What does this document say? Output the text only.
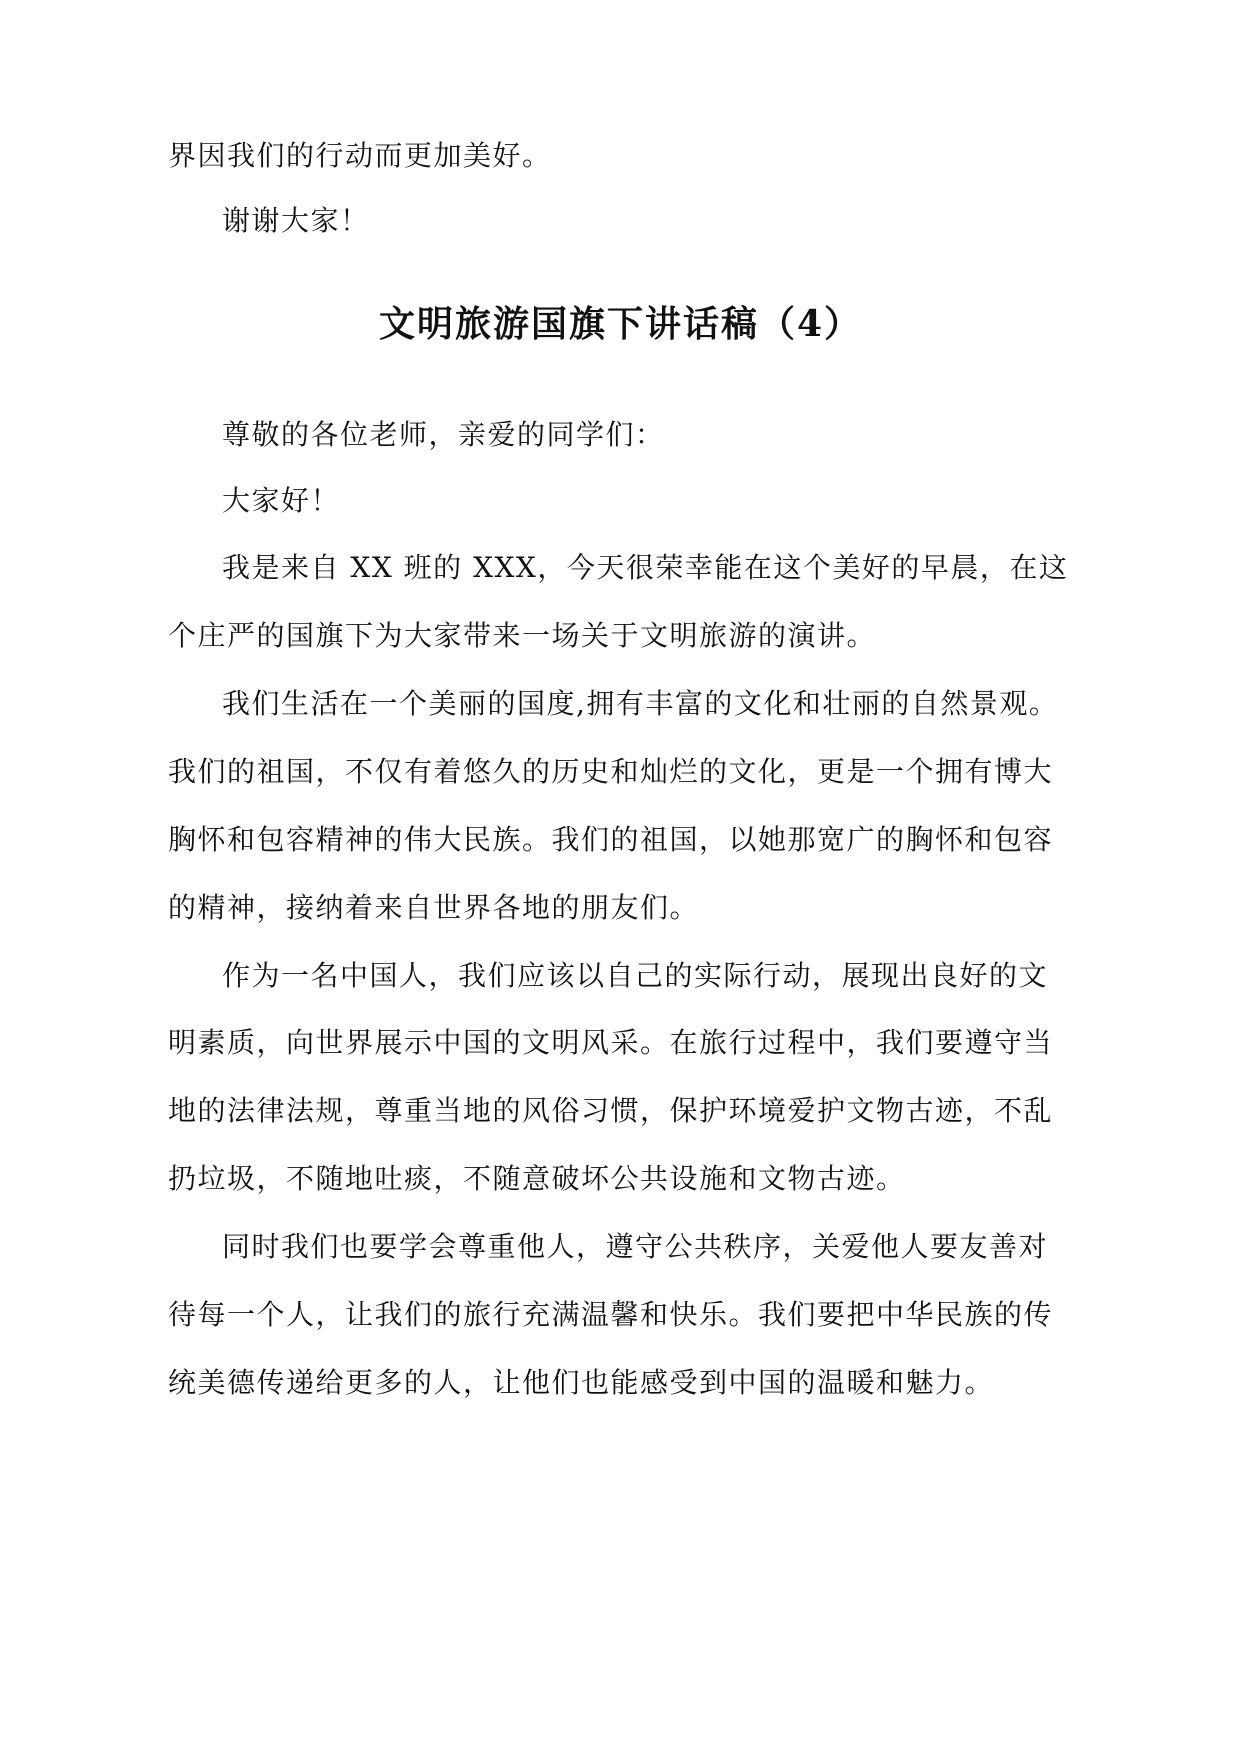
界因我们的行动而更加美好。

谢谢大家！

文明旅游国旗下讲话稿（4）

尊敬的各位老师，亲爱的同学们：

大家好！

我是来自 XX 班的 XXX，今天很荣幸能在这个美好的早晨，在这

个庄严的国旗下为大家带来一场关于文明旅游的演讲。

我们生活在一个美丽的国度,拥有丰富的文化和壮丽的自然景观。

我们的祖国，不仅有着悠久的历史和灿烂的文化，更是一个拥有博大

胸怀和包容精神的伟大民族。我们的祖国，以她那宽广的胸怀和包容

的精神，接纳着来自世界各地的朋友们。

作为一名中国人，我们应该以自己的实际行动，展现出良好的文

明素质，向世界展示中国的文明风采。在旅行过程中，我们要遵守当

地的法律法规，尊重当地的风俗习惯，保护环境爱护文物古迹，不乱

扔垃圾，不随地吐痰，不随意破坏公共设施和文物古迹。

同时我们也要学会尊重他人，遵守公共秩序，关爱他人要友善对

待每一个人，让我们的旅行充满温馨和快乐。我们要把中华民族的传

统美德传递给更多的人，让他们也能感受到中国的温暖和魅力。
